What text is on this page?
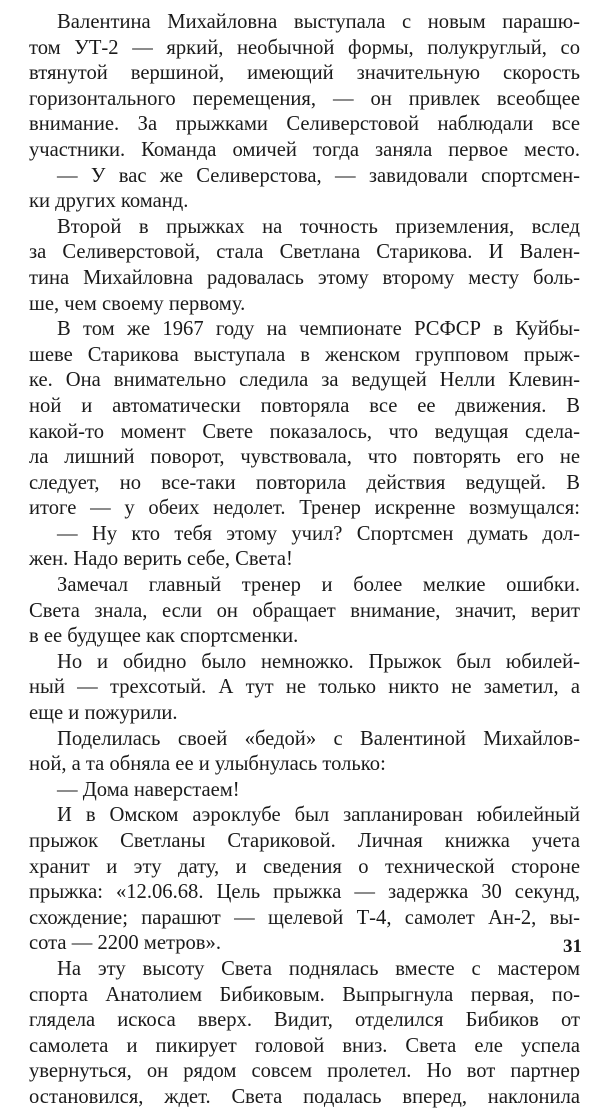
Валентина Михайловна выступала с новым парашю-
том УТ-2 — яркий, необычной формы, полукруглый, со
втянутой вершиной, имеющий значительную скорость
горизонтального перемещения, — он привлек всеобщее
внимание. За прыжками Селиверстовой наблюдали все
участники. Команда омичей тогда заняла первое место.
— У вас же Селиверстова, — завидовали спортсмен-
ки других команд.
Второй в прыжках на точность приземления, вслед
за Селиверстовой, стала Светлана Старикова. И Вален-
тина Михайловна радовалась этому второму месту боль-
ше, чем своему первому.
В том же 1967 году на чемпионате РСФСР в Куйбы-
шеве Старикова выступала в женском групповом прыж-
ке. Она внимательно следила за ведущей Нелли Клевин-
ной и автоматически повторяла все ее движения. В
какой-то момент Свете показалось, что ведущая сдела-
ла лишний поворот, чувствовала, что повторять его не
следует, но все-таки повторила действия ведущей. В
итоге — у обеих недолет. Тренер искренне возмущался:
— Ну кто тебя этому учил? Спортсмен думать дол-
жен. Надо верить себе, Света!
Замечал главный тренер и более мелкие ошибки.
Света знала, если он обращает внимание, значит, верит
в ее будущее как спортсменки.
Но и обидно было немножко. Прыжок был юбилей-
ный — трехсотый. А тут не только никто не заметил, а
еще и пожурили.
Поделилась своей «бедой» с Валентиной Михайлов-
ной, а та обняла ее и улыбнулась только:
— Дома наверстаем!
И в Омском аэроклубе был запланирован юбилейный
прыжок Светланы Стариковой. Личная книжка учета
хранит и эту дату, и сведения о технической стороне
прыжка: «12.06.68. Цель прыжка — задержка 30 секунд,
схождение; парашют — щелевой Т-4, самолет Ан-2, вы-
сота — 2200 метров».
На эту высоту Света поднялась вместе с мастером
спорта Анатолием Бибиковым. Выпрыгнула первая, по-
глядела искоса вверх. Видит, отделился Бибиков от
самолета и пикирует головой вниз. Света еле успела
увернуться, он рядом совсем пролетел. Но вот партнер
остановился, ждет. Света подалась вперед, наклонила
31
